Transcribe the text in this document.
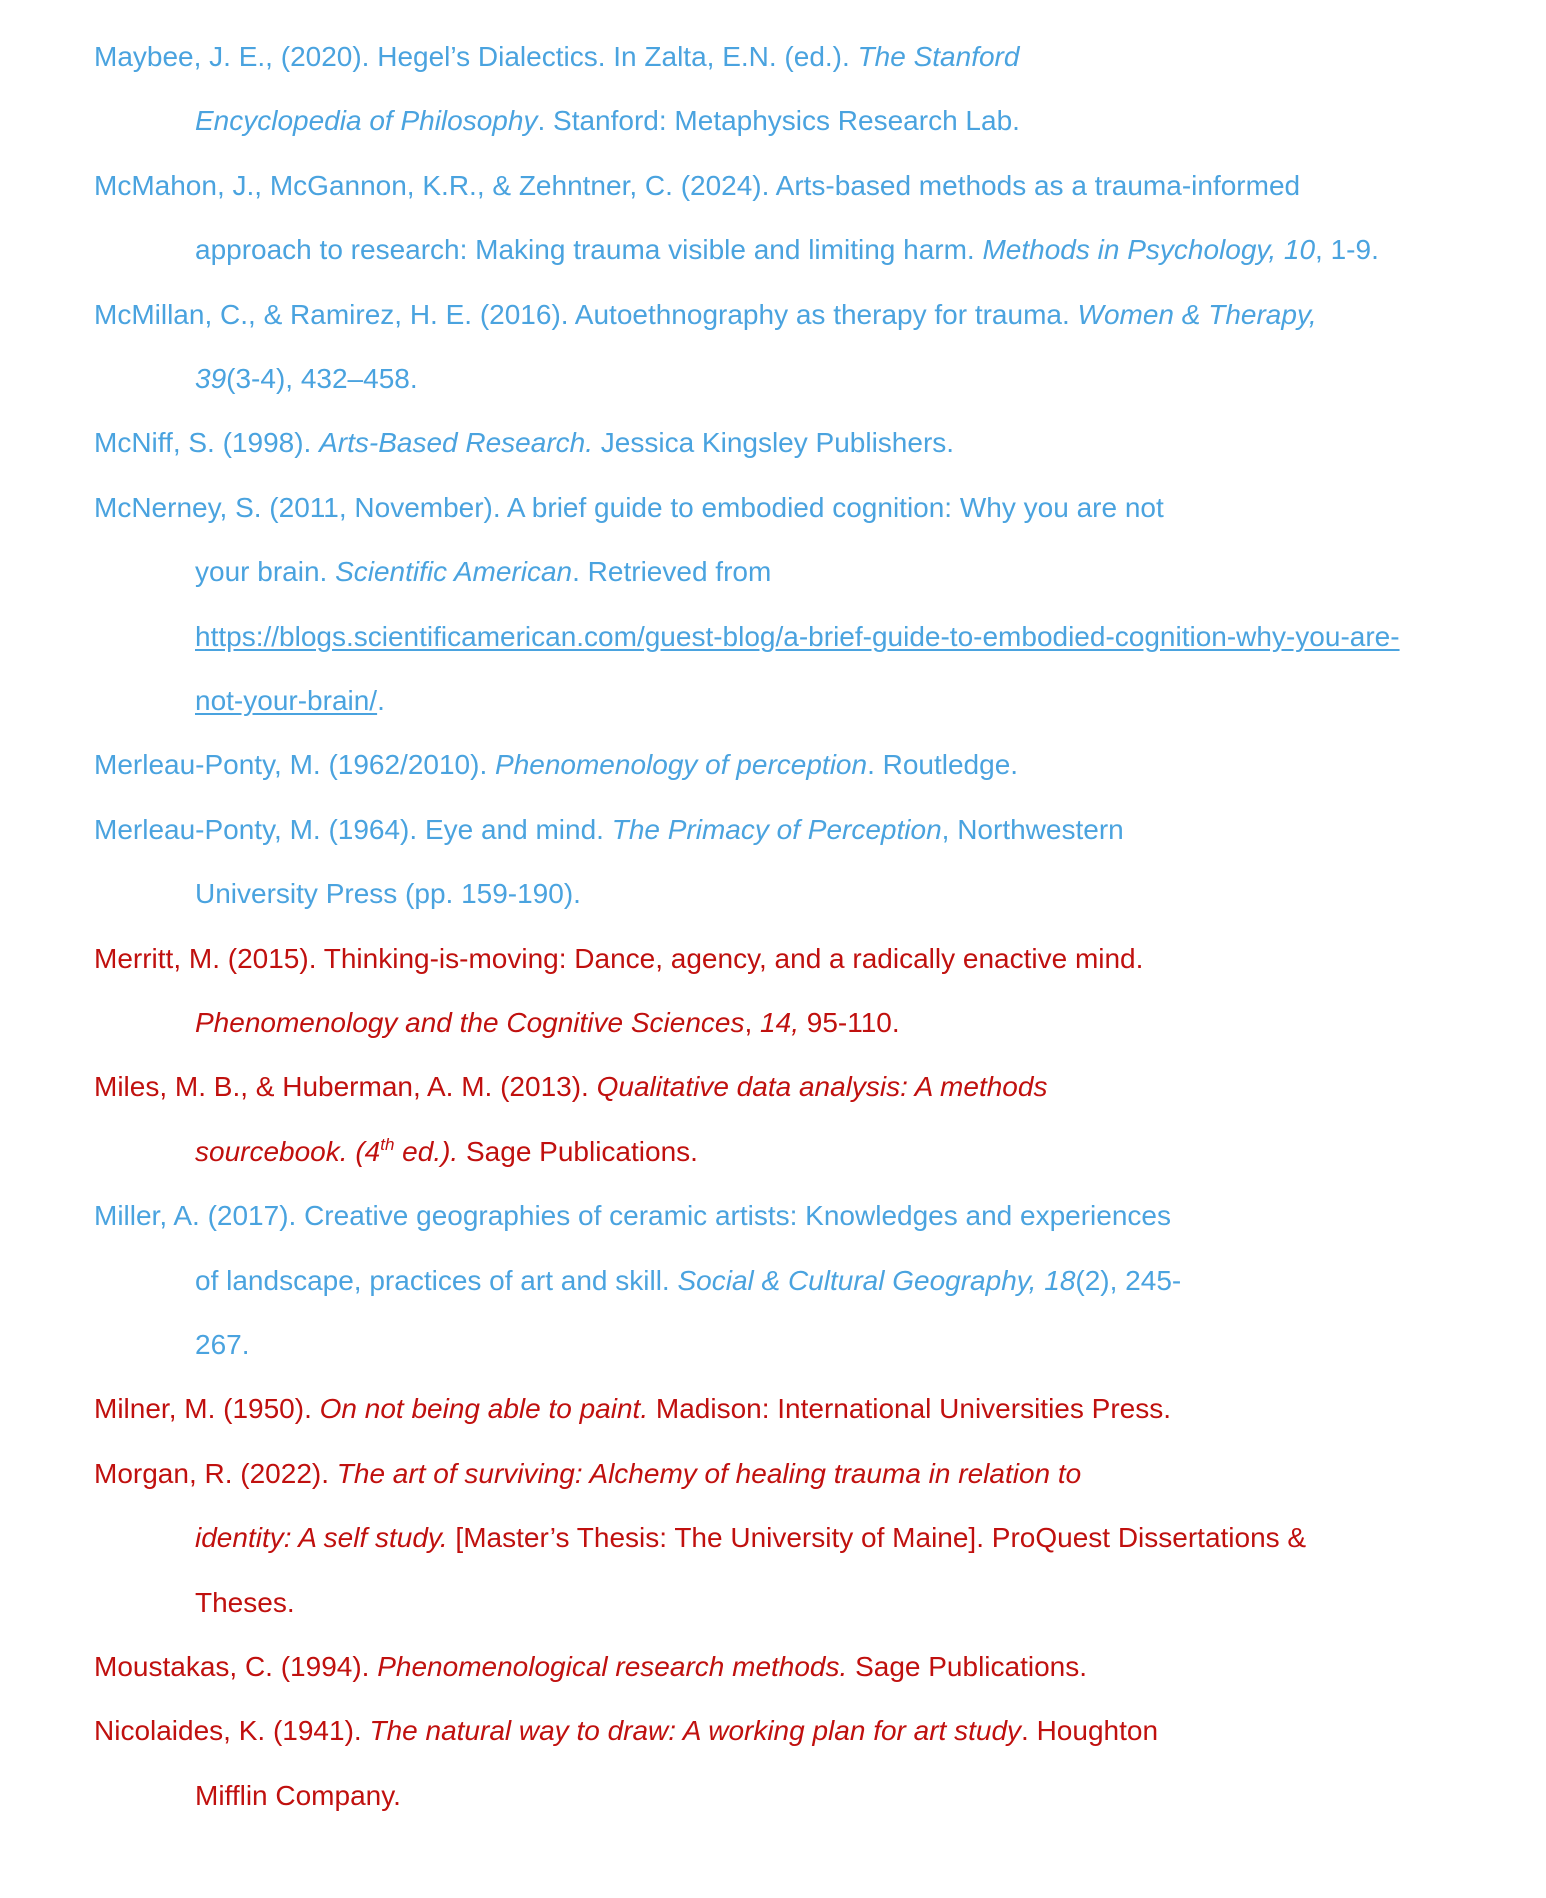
Maybee, J. E., (2020). Hegel’s Dialectics. In Zalta, E.N. (ed.). The Stanford
Encyclopedia of Philosophy. Stanford: Metaphysics Research Lab.
McMahon, J., McGannon, K.R., & Zehntner, C. (2024). Arts-based methods as a trauma-informed
approach to research: Making trauma visible and limiting harm. Methods in Psychology, 10, 1-9.
McMillan, C., & Ramirez, H. E. (2016). Autoethnography as therapy for trauma. Women & Therapy,
39(3-4), 432–458.
McNiff, S. (1998). Arts-Based Research. Jessica Kingsley Publishers.
McNerney, S. (2011, November). A brief guide to embodied cognition: Why you are not
your brain. Scientific American. Retrieved from
https://blogs.scientificamerican.com/guest-blog/a-brief-guide-to-embodied-cognition-why-you-are-
not-your-brain/.
Merleau-Ponty, M. (1962/2010). Phenomenology of perception. Routledge.
Merleau-Ponty, M. (1964). Eye and mind. The Primacy of Perception, Northwestern
University Press (pp. 159-190).
Merritt, M. (2015). Thinking-is-moving: Dance, agency, and a radically enactive mind.
Phenomenology and the Cognitive Sciences, 14, 95-110.
Miles, M. B., & Huberman, A. M. (2013). Qualitative data analysis: A methods
sourcebook. (4th ed.). Sage Publications.
Miller, A. (2017). Creative geographies of ceramic artists: Knowledges and experiences
of landscape, practices of art and skill. Social & Cultural Geography, 18(2), 245-
267.
Milner, M. (1950). On not being able to paint. Madison: International Universities Press.
Morgan, R. (2022). The art of surviving: Alchemy of healing trauma in relation to
identity: A self study. [Master’s Thesis: The University of Maine]. ProQuest Dissertations &
Theses.
Moustakas, C. (1994). Phenomenological research methods. Sage Publications.
Nicolaides, K. (1941). The natural way to draw: A working plan for art study. Houghton
Mifflin Company.
